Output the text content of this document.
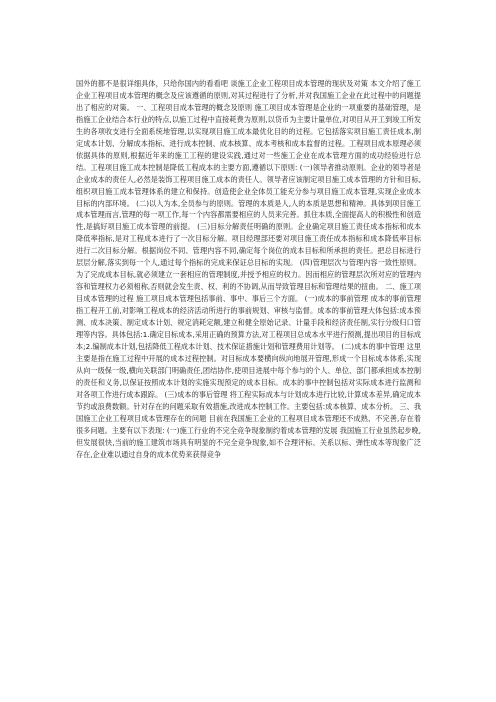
国外的都不是很详细具体，只给你国内的看看吧 谈施工企业工程项目成本管理的现状及对策 本文介绍了施工企业工程项目成本管理的概念及应该遵循的原则,对其过程进行了分析,并对我国施工企业在此过程中的问题提出了相应的对策。 一、工程项目成本管理的概念及原则 施工项目成本管理是企业的一项重要的基础管理，是指施工企业结合本行业的特点,以施工过程中直接耗费为原则,以货币为主要计量单位,对项目从开工到竣工所发生的各项收支进行全面系统地管理,以实现项目施工成本最优化目的的过程。它包括落实项目施工责任成本,制定成本计划、分解成本指标、进行成本控制、成本核算、成本考核和成本监督的过程。工程项目成本原理必须依据具体的原则,根据近年来的施工工程的建设实践,通过对一些施工企业在成本管理方面的成功经验进行总结。工程项目施工成本控制是降低工程成本的主要方面,遵循以下原则: (一)领导者推动原则。企业的领导者是企业成本的责任人,必然是装饰工程项目施工成本的责任人。领导者应该制定项目施工成本管理的方针和目标,组织项目施工成本管理体系的建立和保持。创造使企业全体员工能充分参与项目施工成本管理,实现企业成本目标的内部环境。 (二)以人为本,全员参与的原则。管理的本质是人,人的本质是思想和精神。具体到项目施工成本管理而言,管理的每一项工作,每一个内容都需要相应的人员来完善。抓住本质,全面提高人的积极性和创造性,是搞好项目施工成本管理的前提。 (三)目标分解责任明确的原则。企业确定项目施工责任成本指标和成本降低率指标,是对工程成本进行了一次目标分解。项目经理部还要对项目施工责任成本指标和成本降低率目标进行二次目标分解。根据岗位不同、管理内容不同,确定每个岗位的成本目标和所承担的责任。把总目标进行层层分解,落实到每一个人,通过每个指标的完成来保证总目标的实现。 (四)管理层次与管理内容一致性原则。为了完成成本目标,就必须建立一套相应的管理制度,并授予相应的权力。因而相应的管理层次所对应的管理内容和管理权力必须相称,否则就会发生责、权、利的不协调,从而导致管理目标和管理结果的扭曲。 二、施工项目成本管理的过程 施工项目成本管理包括事前、事中、事后三个方面。 (一)成本的事前管理 成本的事前管理指工程开工前,对影响工程成本的经济活动所进行的事前规划、审核与监督。成本的事前管理大体包括:成本预测、成本决策、制定成本计划、规定消耗定额,建立和健全原始记录、计量手段和经济责任制,实行分级归口管理等内容。具体包括:1.确定目标成本,采用正确的预算方法,对工程项目总成本水平进行预测,提出项目的目标成本;2.编制成本计划,包括降低工程成本计划、技术保证措施计划和管理费用计划等。 (二)成本的事中管理 这里主要是指在施工过程中开展的成本过程控制。对目标成本要横向纵向地展开管理,形成一个目标成本体系,实现从向一级保一级,横向关联部门明确责任,团结协作,使项目进展中每个参与的个人、单位、部门都承担成本控制的责任和义务,以保证按照成本计划的实施实现预定的成本目标。成本的事中控制包括对实际成本进行监测和对各项工作进行成本跟踪。 (三)成本的事后管理 将工程实际成本与计划成本进行比较,计算成本差异,确定成本节约或浪费数额。针对存在的问题采取有效措施,改进成本控制工作。主要包括:成本核算、成本分析。 三、我国施工企业工程项目成本管理存在的问题 目前在我国施工企业的工程项目成本管理还不成熟、不完善,存在着很多问题。主要有以下表现: (一)施工行业的不完全竞争现象制约着成本管理的发展 我国施工行业虽然起步晚,但发展很快,当前的施工建筑市场具有明显的不完全竞争现象,如不合理评标、关系以标、弹性成本等现象广泛存在,企业难以通过自身的成本优势来获得竞争
